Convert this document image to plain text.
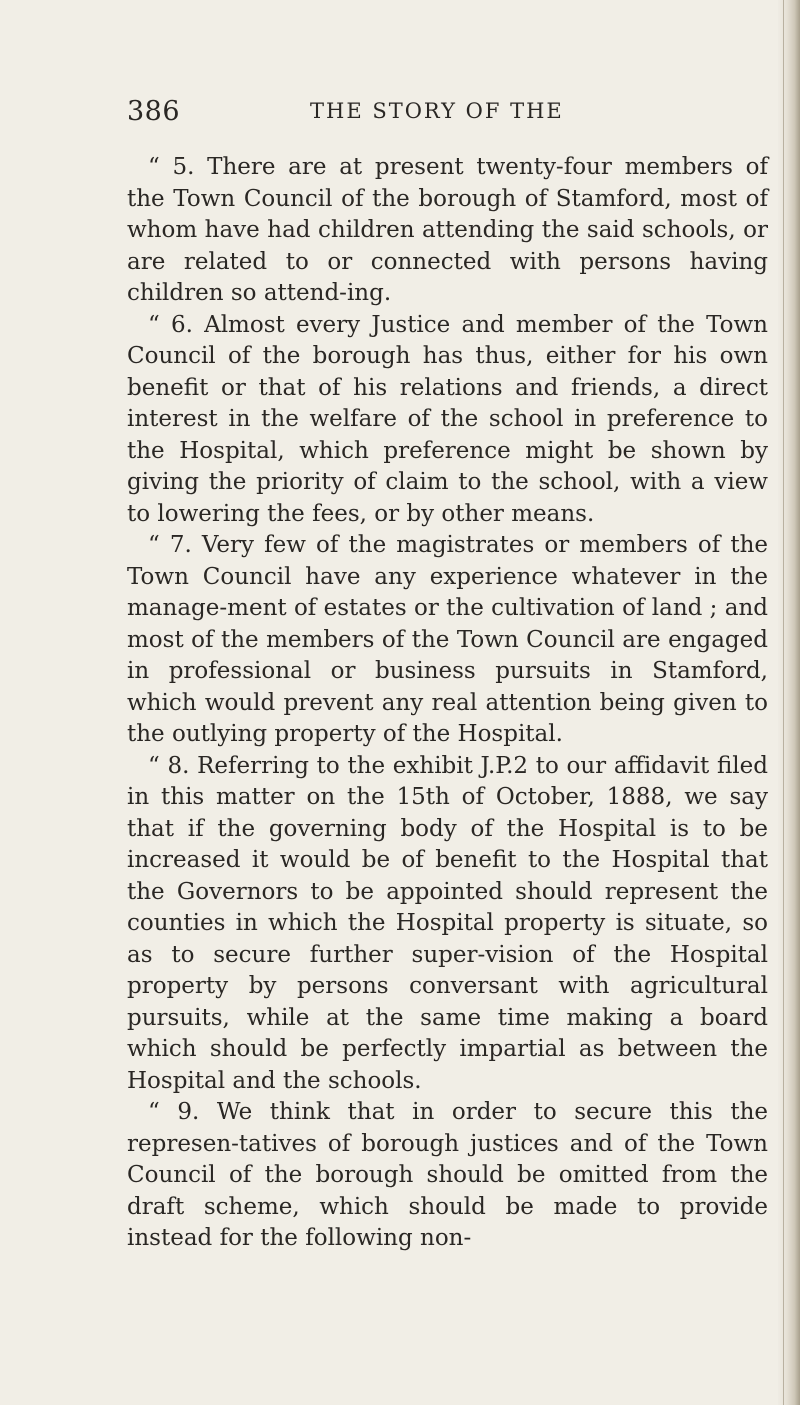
386	THE STORY OF THE

“ 5. There are at present twenty-four members of the Town Council of the borough of Stamford, most of whom have had children attending the said schools, or are related to or connected with persons having children so attend-ing.

“ 6. Almost every Justice and member of the Town Council of the borough has thus, either for his own benefit or that of his relations and friends, a direct interest in the welfare of the school in preference to the Hospital, which preference might be shown by giving the priority of claim to the school, with a view to lowering the fees, or by other means.

“ 7. Very few of the magistrates or members of the Town Council have any experience whatever in the manage-ment of estates or the cultivation of land ; and most of the members of the Town Council are engaged in professional or business pursuits in Stamford, which would prevent any real attention being given to the outlying property of the Hospital.

“ 8. Referring to the exhibit J.P.2 to our affidavit filed in this matter on the 15th of October, 1888, we say that if the governing body of the Hospital is to be increased it would be of benefit to the Hospital that the Governors to be appointed should represent the counties in which the Hospital property is situate, so as to secure further super-vision of the Hospital property by persons conversant with agricultural pursuits, while at the same time making a board which should be perfectly impartial as between the Hospital and the schools.

“ 9. We think that in order to secure this the represen-tatives of borough justices and of the Town Council of the borough should be omitted from the draft scheme, which should be made to provide instead for the following non-
